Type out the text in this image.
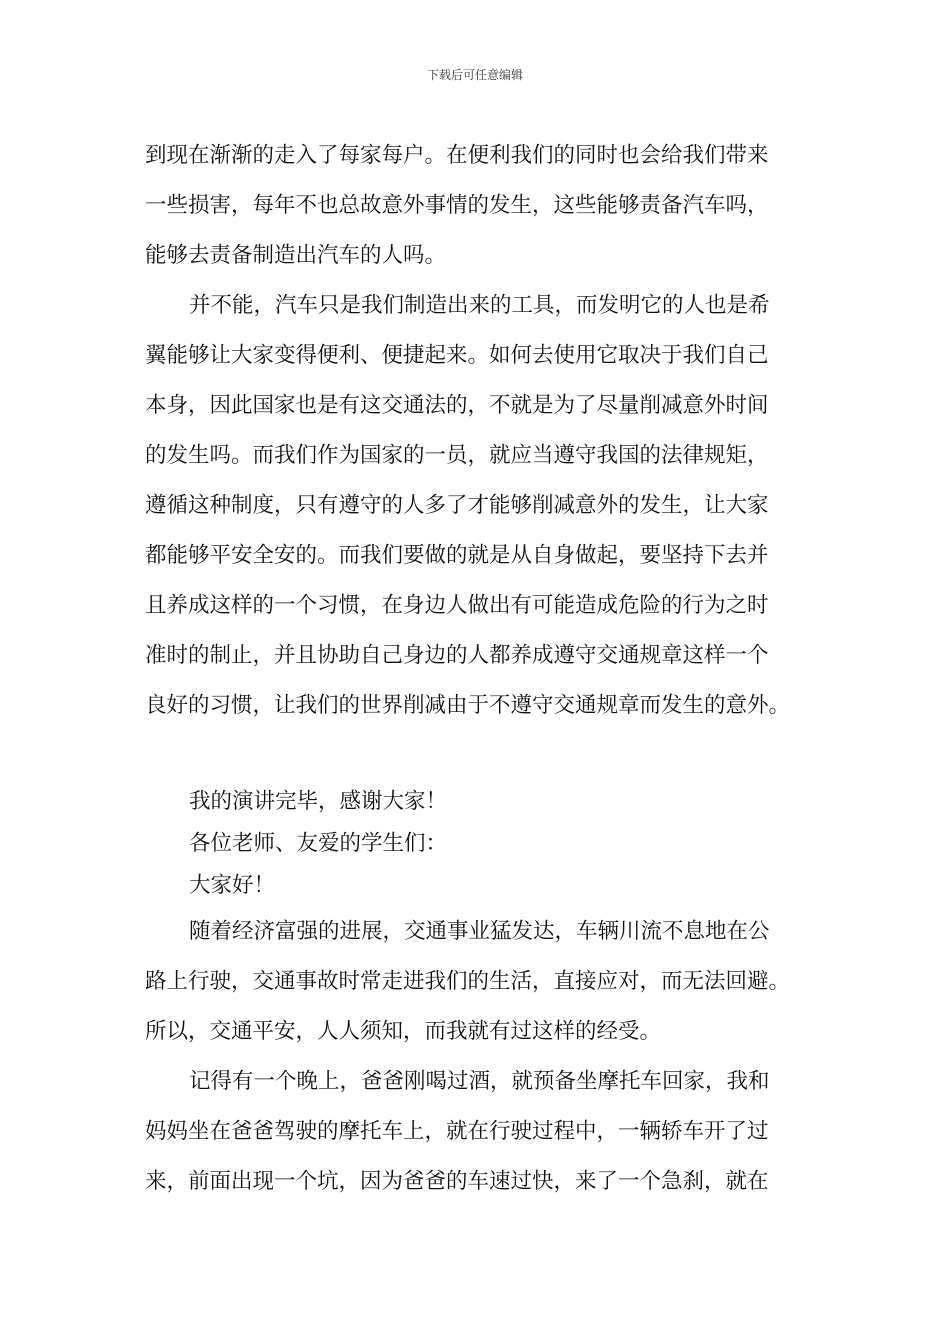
下载后可任意编辑

到现在渐渐的走入了每家每户。在便利我们的同时也会给我们带来

一些损害，每年不也总故意外事情的发生，这些能够责备汽车吗，

能够去责备制造出汽车的人吗。

并不能，汽车只是我们制造出来的工具，而发明它的人也是希

翼能够让大家变得便利、便捷起来。如何去使用它取决于我们自己

本身，因此国家也是有这交通法的，不就是为了尽量削减意外时间

的发生吗。而我们作为国家的一员，就应当遵守我国的法律规矩，

遵循这种制度，只有遵守的人多了才能够削减意外的发生，让大家

都能够平安全安的。而我们要做的就是从自身做起，要坚持下去并

且养成这样的一个习惯，在身边人做出有可能造成危险的行为之时

准时的制止，并且协助自己身边的人都养成遵守交通规章这样一个

良好的习惯，让我们的世界削减由于不遵守交通规章而发生的意外。

我的演讲完毕，感谢大家！

各位老师、友爱的学生们：

大家好！

随着经济富强的进展，交通事业猛发达，车辆川流不息地在公

路上行驶，交通事故时常走进我们的生活，直接应对，而无法回避。

所以，交通平安，人人须知，而我就有过这样的经受。

记得有一个晚上，爸爸刚喝过酒，就预备坐摩托车回家，我和

妈妈坐在爸爸驾驶的摩托车上，就在行驶过程中，一辆轿车开了过

来，前面出现一个坑，因为爸爸的车速过快，来了一个急刹，就在
